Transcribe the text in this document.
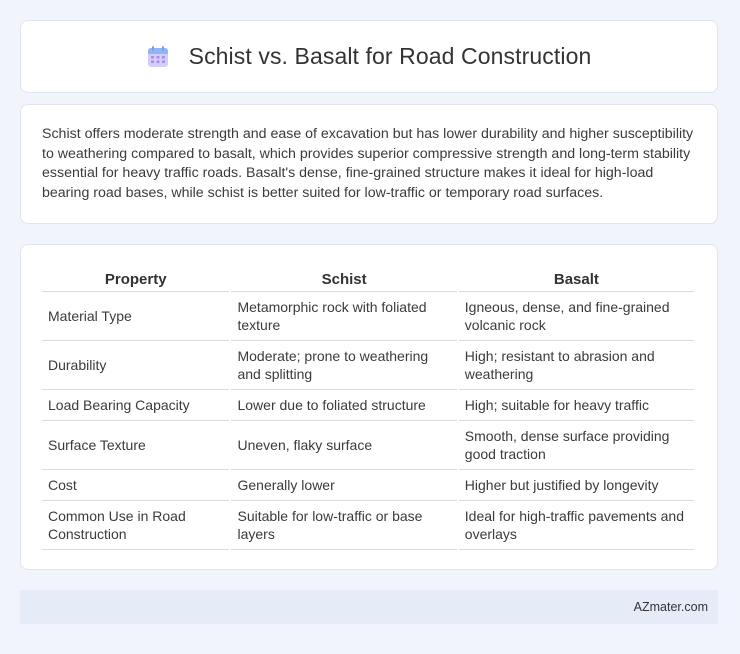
Schist vs. Basalt for Road Construction

Schist offers moderate strength and ease of excavation but has lower durability and higher susceptibility to weathering compared to basalt, which provides superior compressive strength and long-term stability essential for heavy traffic roads. Basalt's dense, fine-grained structure makes it ideal for high-load bearing road bases, while schist is better suited for low-traffic or temporary road surfaces.

Property	Schist	Basalt
Material Type	Metamorphic rock with foliated texture	Igneous, dense, and fine-grained volcanic rock
Durability	Moderate; prone to weathering and splitting	High; resistant to abrasion and weathering
Load Bearing Capacity	Lower due to foliated structure	High; suitable for heavy traffic
Surface Texture	Uneven, flaky surface	Smooth, dense surface providing good traction
Cost	Generally lower	Higher but justified by longevity
Common Use in Road Construction	Suitable for low-traffic or base layers	Ideal for high-traffic pavements and overlays
AZmater.com
